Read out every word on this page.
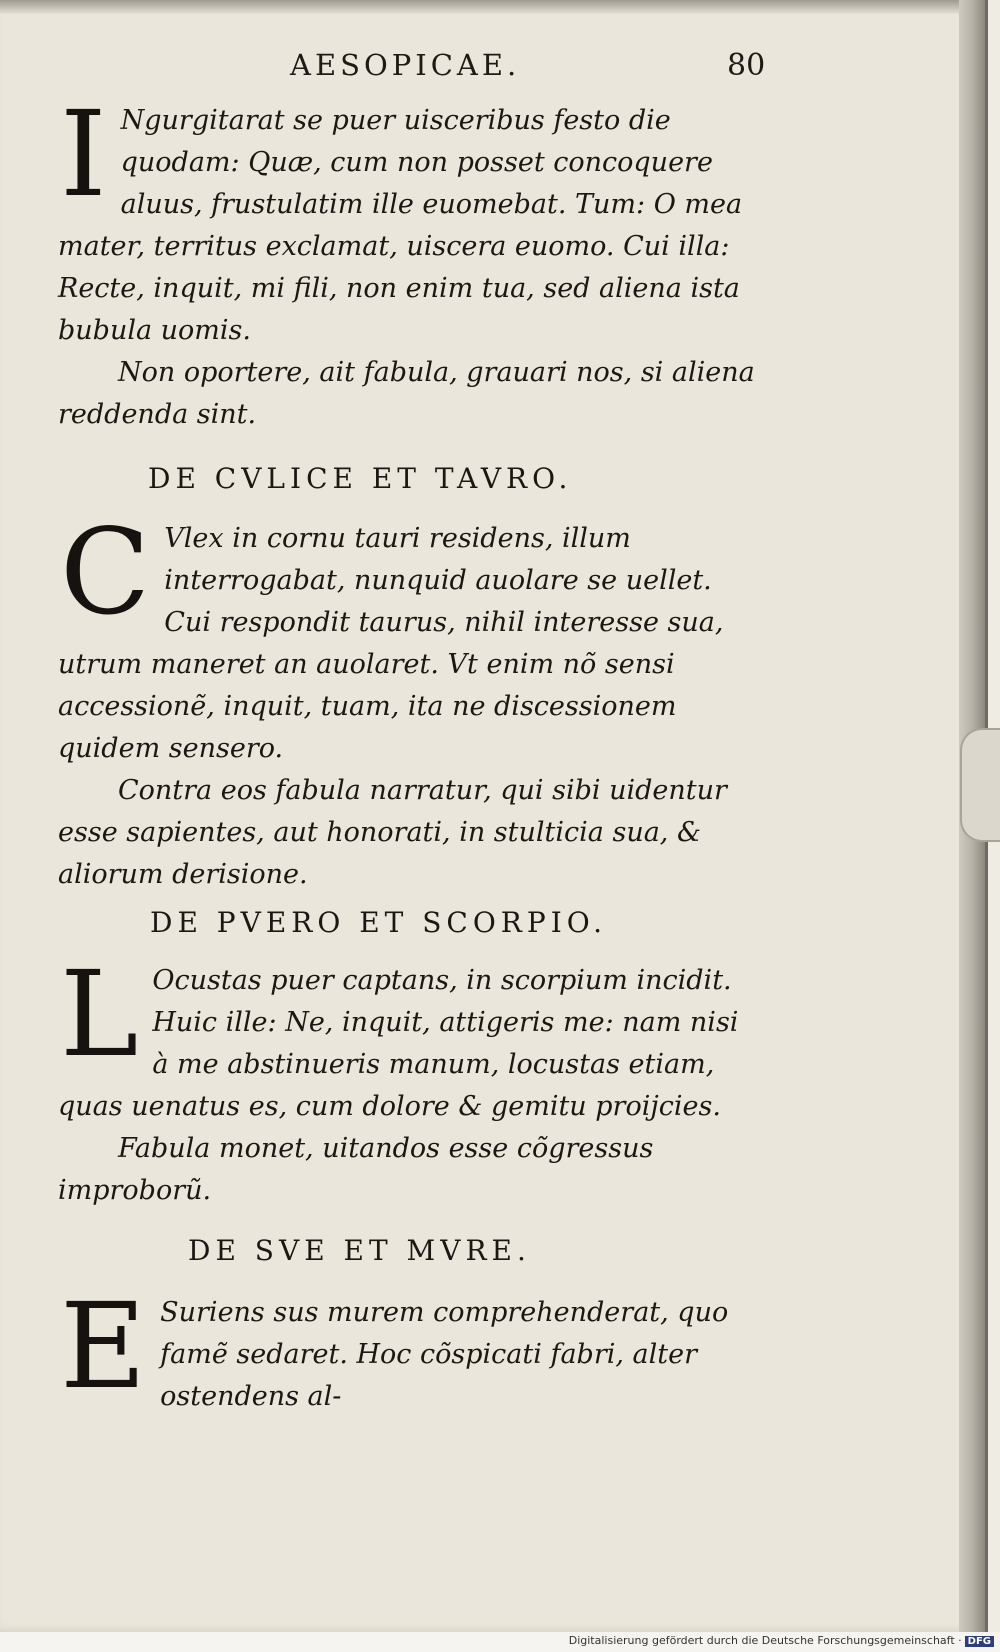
AESOPICAE.	80

I Ngurgitarat se puer uisceribus festo die quodam: Quæ, cum non posset concoquere aluus, frustulatim ille euomebat. Tum: O mea mater, territus exclamat, uiscera euomo. Cui illa: Recte, inquit, mi fili, non enim tua, sed aliena ista bubula uomis.

Non oportere, ait fabula, grauari nos, si aliena reddenda sint.

DE CVLICE ET TAVRO.

C Vlex in cornu tauri residens, illum interrogabat, nunquid auolare se uellet. Cui respondit taurus, nihil interesse sua, utrum maneret an auolaret. Vt enim nõ sensi accessionẽ, inquit, tuam, ita ne discessionem quidem sensero.

Contra eos fabula narratur, qui sibi uidentur esse sapientes, aut honorati, in stulticia sua, & aliorum derisione.

DE PVERO ET SCORPIO.

L Ocustas puer captans, in scorpium incidit. Huic ille: Ne, inquit, attigeris me: nam nisi à me abstinueris manum, locustas etiam, quas uenatus es, cum dolore & gemitu proijcies.

Fabula monet, uitandos esse cõgressus improborũ.

DE SVE ET MVRE.

E Suriens sus murem comprehenderat, quo famẽ sedaret. Hoc cõspicati fabri, alter ostendens al-

Digitalisierung gefördert durch die Deutsche Forschungsgemeinschaft · DFG
